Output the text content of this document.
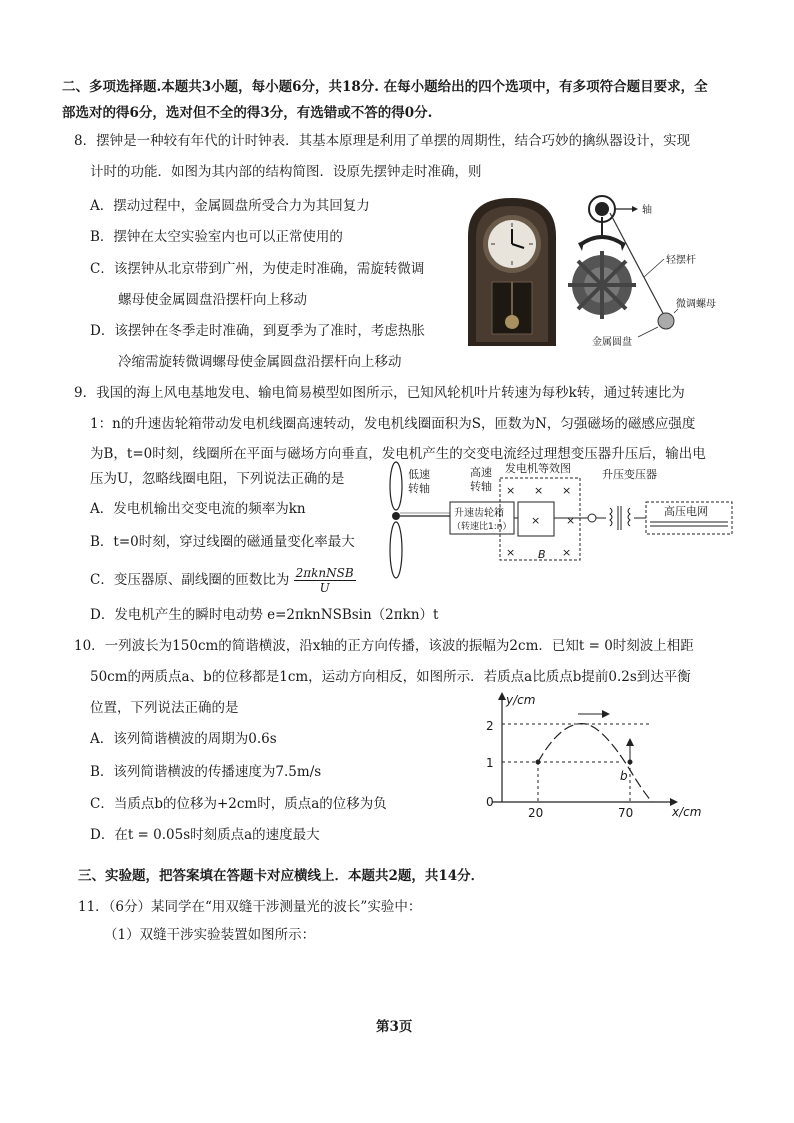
二、多项选择题.本题共3小题，每小题6分，共18分. 在每小题给出的四个选项中，有多项符合题目要求，全
部选对的得6分，选对但不全的得3分，有选错或不答的得0分.
8．摆钟是一种较有年代的计时钟表．其基本原理是利用了单摆的周期性，结合巧妙的擒纵器设计，实现
计时的功能．如图为其内部的结构简图．设原先摆钟走时准确，则
A．摆动过程中，金属圆盘所受合力为其回复力
B．摆钟在太空实验室内也可以正常使用的
C．该摆钟从北京带到广州，为使走时准确，需旋转微调
螺母使金属圆盘沿摆杆向上移动
D．该摆钟在冬季走时准确，到夏季为了准时，考虑热胀
冷缩需旋转微调螺母使金属圆盘沿摆杆向上移动
轴
轻摆杆
微调螺母
金属圆盘
9．我国的海上风电基地发电、输电简易模型如图所示，已知风轮机叶片转速为每秒k转，通过转速比为
1：n的升速齿轮箱带动发电机线圈高速转动，发电机线圈面积为S，匝数为N，匀强磁场的磁感应强度
为B，t=0时刻，线圈所在平面与磁场方向垂直，发电机产生的交变电流经过理想变压器升压后，输出电
压为U，忽略线圈电阻，下列说法正确的是
A．发电机输出交变电流的频率为kn
B．t=0时刻，穿过线圈的磁通量变化率最大
C．变压器原、副线圈的匝数比为 $\frac{\text{2πknNSB}}{U}$
D．发电机产生的瞬时电动势 e=2πknNSBsin（2πkn）t
低速
转轴
升速齿轮箱
（转速比1:n）
高速
转轴
发电机等效图
× × ×
×	×
×
B
×
升压变压器
高压电网
10．一列波长为150cm的简谐横波，沿x轴的正方向传播，该波的振幅为2cm．已知t = 0时刻波上相距
50cm的两质点a、b的位移都是1cm，运动方向相反，如图所示．若质点a比质点b提前0.2s到达平衡
位置，下列说法正确的是
A．该列简谐横波的周期为0.6s
B．该列简谐横波的传播速度为7.5m/s
C．当质点b的位移为+2cm时，质点a的位移为负
D．在t = 0.05s时刻质点a的速度最大
y/cm
x/cm
2
1
0
20	70
b
三、实验题，把答案填在答题卡对应横线上．本题共2题，共14分．
11．（6分）某同学在“用双缝干涉测量光的波长”实验中：
（1）双缝干涉实验装置如图所示：
第3页
